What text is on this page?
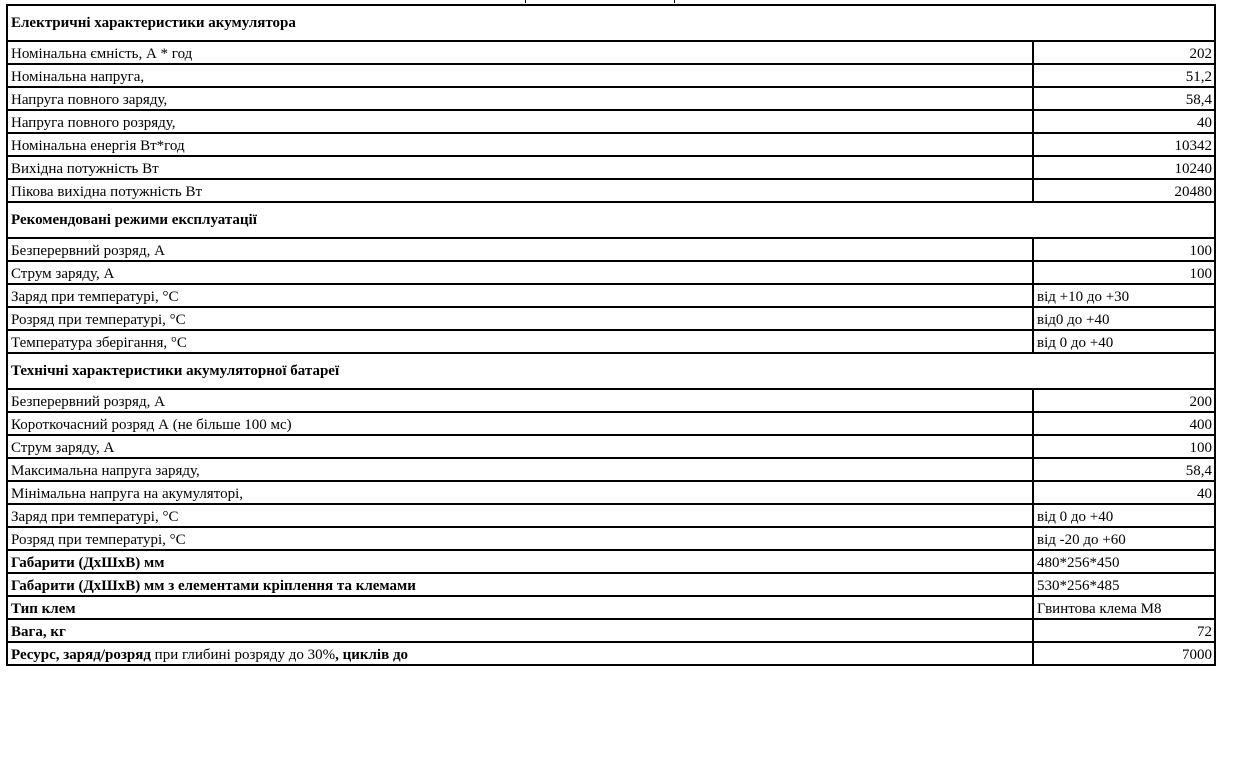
Електричні характеристики акумулятора	
Номінальна ємність, А * год	202
Номінальна напруга,	51,2
Напруга повного заряду,	58,4
Напруга повного розряду,	40
Номінальна енергія Вт*год	10342
Вихідна потужність Вт	10240
Пікова вихідна потужність Вт	20480
Рекомендовані режими експлуатації	
Безперервний розряд, А	100
Струм заряду, А	100
Заряд при температурі, °С	від +10 до +30
Розряд при температурі, °С	від0 до +40
Температура зберігання, °С	від 0 до +40
Технічні характеристики акумуляторної батареї	
Безперервний розряд, А	200
Короткочасний розряд А (не більше 100 мс)	400
Струм заряду, А	100
Максимальна напруга заряду,	58,4
Мінімальна напруга на акумуляторі,	40
Заряд при температурі, °С	від 0 до +40
Розряд при температурі, °С	від -20 до +60
Габарити (ДхШхВ) мм	480*256*450
Габарити (ДхШхВ) мм з елементами кріплення та клемами	530*256*485
Тип клем	Гвинтова клема М8
Вага, кг	72
Ресурс, заряд/розряд при глибині розряду до 30%, циклів до	7000
